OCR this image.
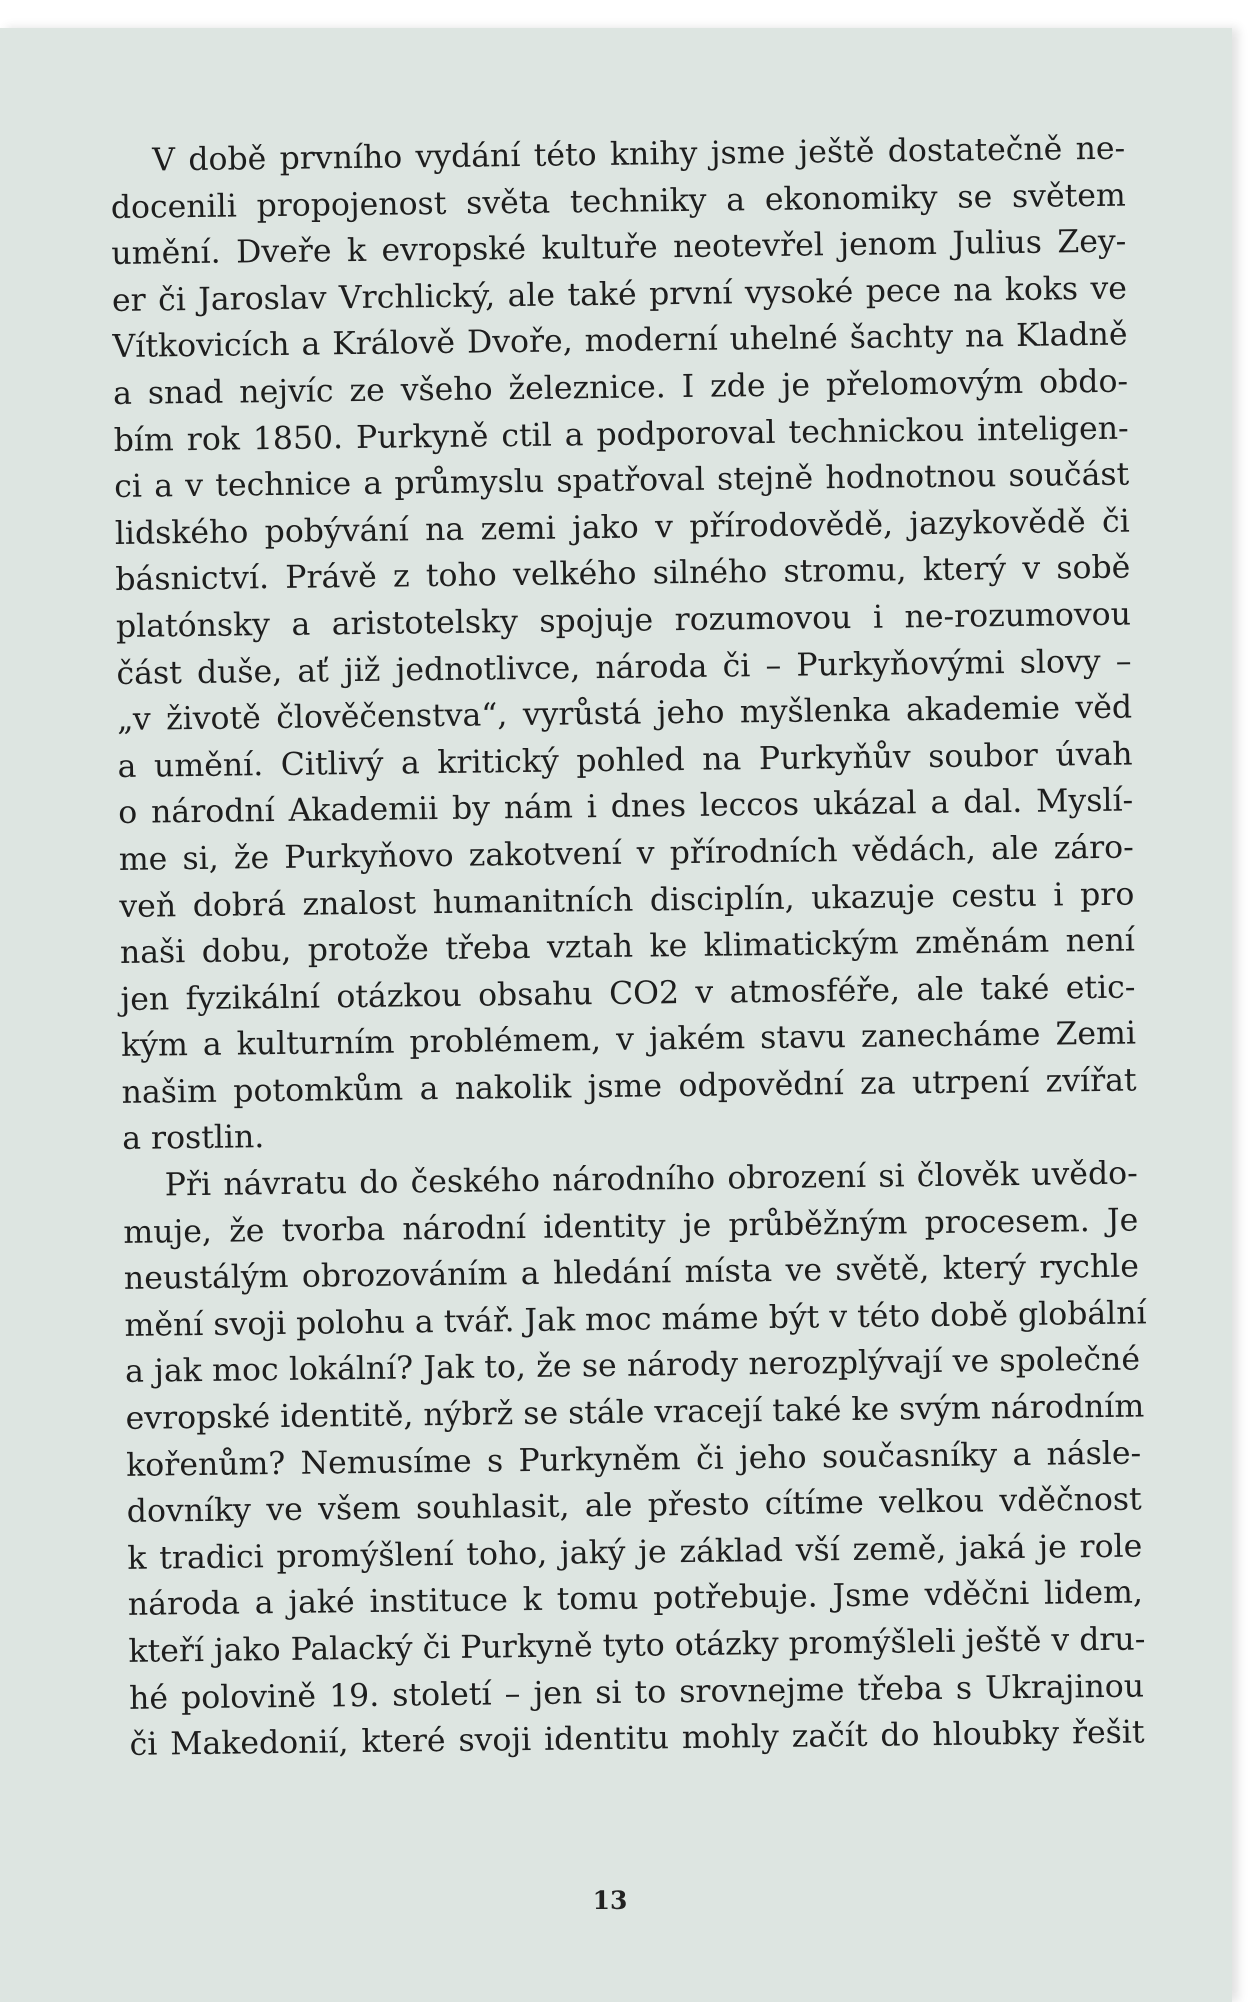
V době prvního vydání této knihy jsme ještě dostatečně ne-
docenili propojenost světa techniky a ekonomiky se světem
umění. Dveře k evropské kultuře neotevřel jenom Julius Zey-
er či Jaroslav Vrchlický, ale také první vysoké pece na koks ve
Vítkovicích a Králově Dvoře, moderní uhelné šachty na Kladně
a snad nejvíc ze všeho železnice. I zde je přelomovým obdo-
bím rok 1850. Purkyně ctil a podporoval technickou inteligen-
ci a v technice a průmyslu spatřoval stejně hodnotnou součást
lidského pobývání na zemi jako v přírodovědě, jazykovědě či
básnictví. Právě z toho velkého silného stromu, který v sobě
platónsky a aristotelsky spojuje rozumovou i ne-rozumovou
část duše, ať již jednotlivce, národa či – Purkyňovými slovy –
„v životě člověčenstva“, vyrůstá jeho myšlenka akademie věd
a umění. Citlivý a kritický pohled na Purkyňův soubor úvah
o národní Akademii by nám i dnes leccos ukázal a dal. Myslí-
me si, že Purkyňovo zakotvení v přírodních vědách, ale záro-
veň dobrá znalost humanitních disciplín, ukazuje cestu i pro
naši dobu, protože třeba vztah ke klimatickým změnám není
jen fyzikální otázkou obsahu CO2 v atmosféře, ale také etic-
kým a kulturním problémem, v jakém stavu zanecháme Zemi
našim potomkům a nakolik jsme odpovědní za utrpení zvířat
a rostlin.
Při návratu do českého národního obrození si člověk uvědo-
muje, že tvorba národní identity je průběžným procesem. Je
neustálým obrozováním a hledání místa ve světě, který rychle
mění svoji polohu a tvář. Jak moc máme být v této době globální
a jak moc lokální? Jak to, že se národy nerozplývají ve společné
evropské identitě, nýbrž se stále vracejí také ke svým národním
kořenům? Nemusíme s Purkyněm či jeho současníky a násle-
dovníky ve všem souhlasit, ale přesto cítíme velkou vděčnost
k tradici promýšlení toho, jaký je základ vší země, jaká je role
národa a jaké instituce k tomu potřebuje. Jsme vděčni lidem,
kteří jako Palacký či Purkyně tyto otázky promýšleli ještě v dru-
hé polovině 19. století – jen si to srovnejme třeba s Ukrajinou
či Makedonií, které svoji identitu mohly začít do hloubky řešit
13
